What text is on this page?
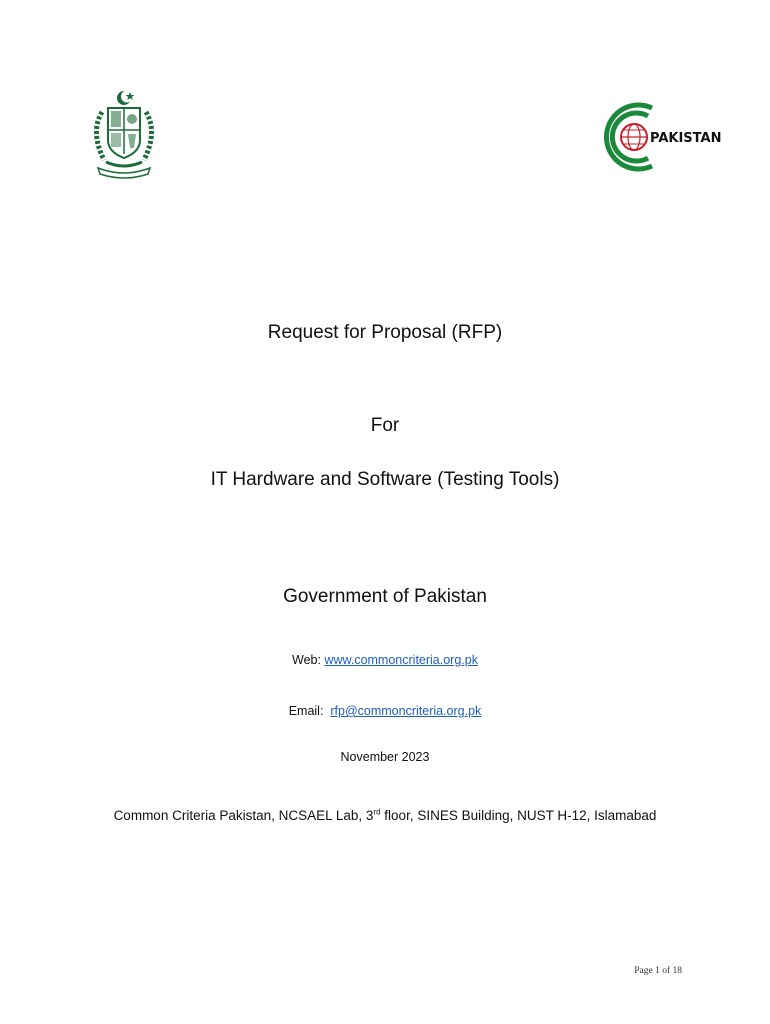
PAKISTAN
Request for Proposal (RFP)
For
IT Hardware and Software (Testing Tools)
Government of Pakistan
Web: www.commoncriteria.org.pk
Email: rfp@commoncriteria.org.pk
November 2023
Common Criteria Pakistan, NCSAEL Lab, 3rd floor, SINES Building, NUST H-12, Islamabad
Page 1 of 18
